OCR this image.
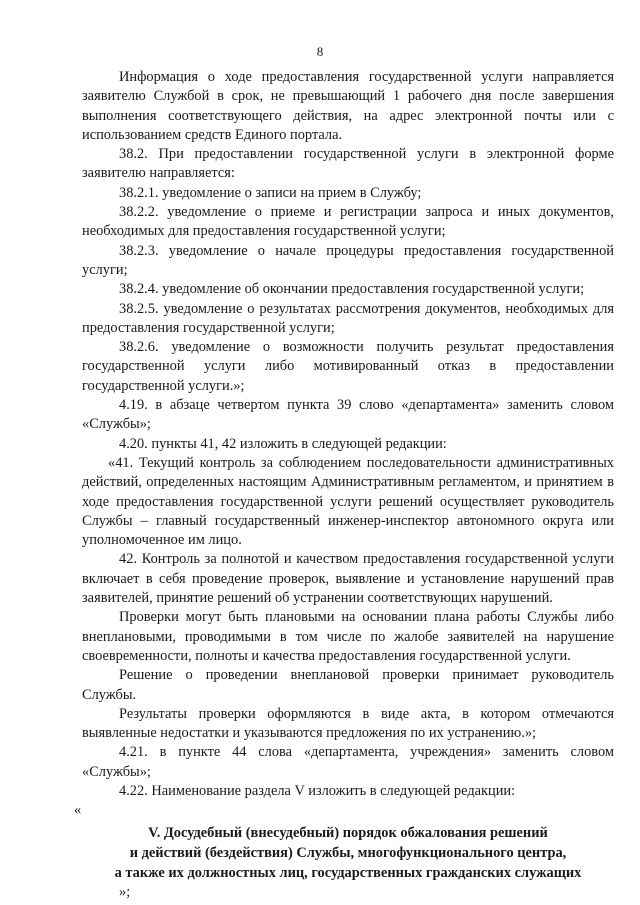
8

Информация о ходе предоставления государственной услуги направляется заявителю Службой в срок, не превышающий 1 рабочего дня после завершения выполнения соответствующего действия, на адрес электронной почты или с использованием средств Единого портала.

38.2. При предоставлении государственной услуги в электронной форме заявителю направляется:

38.2.1. уведомление о записи на прием в Службу;

38.2.2. уведомление о приеме и регистрации запроса и иных документов, необходимых для предоставления государственной услуги;

38.2.3. уведомление о начале процедуры предоставления государственной услуги;

38.2.4. уведомление об окончании предоставления государственной услуги;

38.2.5. уведомление о результатах рассмотрения документов, необходимых для предоставления государственной услуги;

38.2.6. уведомление о возможности получить результат предоставления государственной услуги либо мотивированный отказ в предоставлении государственной услуги.»;

4.19. в абзаце четвертом пункта 39 слово «департамента» заменить словом «Службы»;

4.20. пункты 41, 42 изложить в следующей редакции:

«41. Текущий контроль за соблюдением последовательности административных действий, определенных настоящим Административным регламентом, и принятием в ходе предоставления государственной услуги решений осуществляет руководитель Службы – главный государственный инженер-инспектор автономного округа или уполномоченное им лицо.

42. Контроль за полнотой и качеством предоставления государственной услуги включает в себя проведение проверок, выявление и установление нарушений прав заявителей, принятие решений об устранении соответствующих нарушений.

Проверки могут быть плановыми на основании плана работы Службы либо внеплановыми, проводимыми в том числе по жалобе заявителей на нарушение своевременности, полноты и качества предоставления государственной услуги.

Решение о проведении внеплановой проверки принимает руководитель Службы.

Результаты проверки оформляются в виде акта, в котором отмечаются выявленные недостатки и указываются предложения по их устранению.»;

4.21. в пункте 44 слова «департамента, учреждения» заменить словом «Службы»;

4.22. Наименование раздела V изложить в следующей редакции:

«

V. Досудебный (внесудебный) порядок обжалования решений
и действий (бездействия) Службы, многофункционального центра,
а также их должностных лиц, государственных гражданских служащих

»;
